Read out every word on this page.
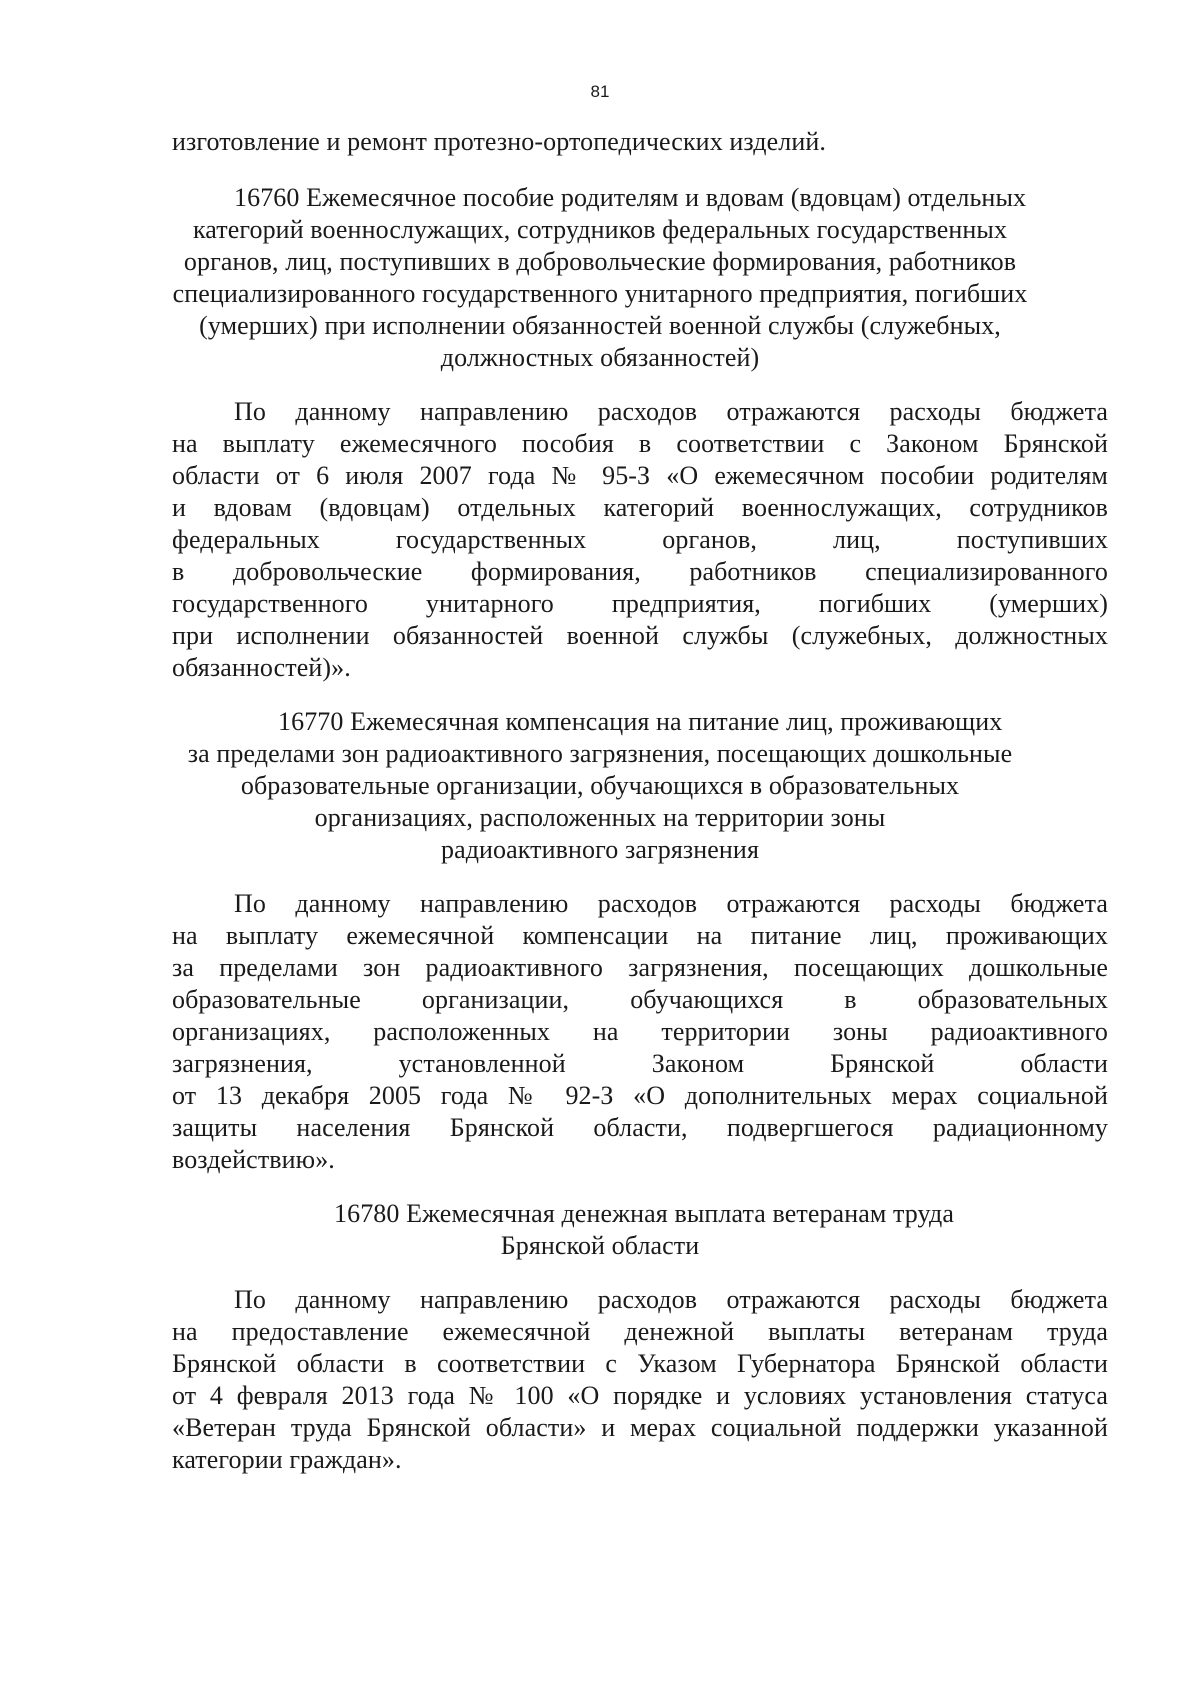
81
изготовление и ремонт протезно-ортопедических изделий.
16760 Ежемесячное пособие родителям и вдовам (вдовцам) отдельных
категорий военнослужащих, сотрудников федеральных государственных
органов, лиц, поступивших в добровольческие формирования, работников
специализированного государственного унитарного предприятия, погибших
(умерших) при исполнении обязанностей военной службы (служебных,
должностных обязанностей)
По данному направлению расходов отражаются расходы бюджета
на выплату ежемесячного пособия в соответствии с Законом Брянской
области от 6 июля 2007 года № 95-З «О ежемесячном пособии родителям
и вдовам (вдовцам) отдельных категорий военнослужащих, сотрудников
федеральных государственных органов, лиц, поступивших
в добровольческие формирования, работников специализированного
государственного унитарного предприятия, погибших (умерших)
при исполнении обязанностей военной службы (служебных, должностных
обязанностей)».
16770 Ежемесячная компенсация на питание лиц, проживающих
за пределами зон радиоактивного загрязнения, посещающих дошкольные
образовательные организации, обучающихся в образовательных
организациях, расположенных на территории зоны
радиоактивного загрязнения
По данному направлению расходов отражаются расходы бюджета
на выплату ежемесячной компенсации на питание лиц, проживающих
за пределами зон радиоактивного загрязнения, посещающих дошкольные
образовательные организации, обучающихся в образовательных
организациях, расположенных на территории зоны радиоактивного
загрязнения, установленной Законом Брянской области
от 13 декабря 2005 года № 92-З «О дополнительных мерах социальной
защиты населения Брянской области, подвергшегося радиационному
воздействию».
16780 Ежемесячная денежная выплата ветеранам труда
Брянской области
По данному направлению расходов отражаются расходы бюджета
на предоставление ежемесячной денежной выплаты ветеранам труда
Брянской области в соответствии с Указом Губернатора Брянской области
от 4 февраля 2013 года № 100 «О порядке и условиях установления статуса
«Ветеран труда Брянской области» и мерах социальной поддержки указанной
категории граждан».
